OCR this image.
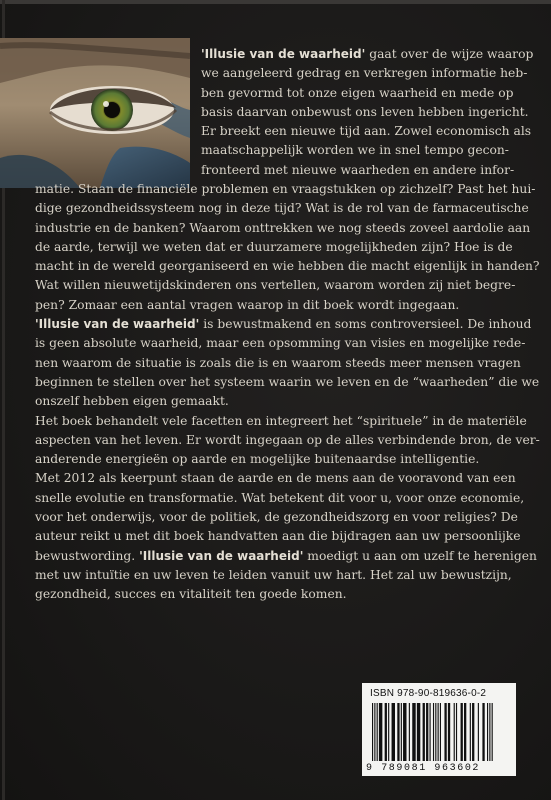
'Illusie van de waarheid' gaat over de wijze waarop
we aangeleerd gedrag en verkregen informatie heb-
ben gevormd tot onze eigen waarheid en mede op
basis daarvan onbewust ons leven hebben ingericht.
Er breekt een nieuwe tijd aan. Zowel economisch als
maatschappelijk worden we in snel tempo gecon-
fronteerd met nieuwe waarheden en andere infor-
matie. Staan de financiële problemen en vraagstukken op zichzelf? Past het hui-
dige gezondheidssysteem nog in deze tijd? Wat is de rol van de farmaceutische
industrie en de banken? Waarom onttrekken we nog steeds zoveel aardolie aan
de aarde, terwijl we weten dat er duurzamere mogelijkheden zijn? Hoe is de
macht in de wereld georganiseerd en wie hebben die macht eigenlijk in handen?
Wat willen nieuwetijdskinderen ons vertellen, waarom worden zij niet begre-
pen? Zomaar een aantal vragen waarop in dit boek wordt ingegaan.
'Illusie van de waarheid' is bewustmakend en soms controversieel. De inhoud
is geen absolute waarheid, maar een opsomming van visies en mogelijke rede-
nen waarom de situatie is zoals die is en waarom steeds meer mensen vragen
beginnen te stellen over het systeem waarin we leven en de “waarheden” die we
onszelf hebben eigen gemaakt.
Het boek behandelt vele facetten en integreert het “spirituele” in de materiële
aspecten van het leven. Er wordt ingegaan op de alles verbindende bron, de ver-
anderende energieën op aarde en mogelijke buitenaardse intelligentie.
Met 2012 als keerpunt staan de aarde en de mens aan de vooravond van een
snelle evolutie en transformatie. Wat betekent dit voor u, voor onze economie,
voor het onderwijs, voor de politiek, de gezondheidszorg en voor religies? De
auteur reikt u met dit boek handvatten aan die bijdragen aan uw persoonlijke
bewustwording. 'Illusie van de waarheid' moedigt u aan om uzelf te herenigen
met uw intuïtie en uw leven te leiden vanuit uw hart. Het zal uw bewustzijn,
gezondheid, succes en vitaliteit ten goede komen.
ISBN 978-90-819636-0-2
9 789081 963602
